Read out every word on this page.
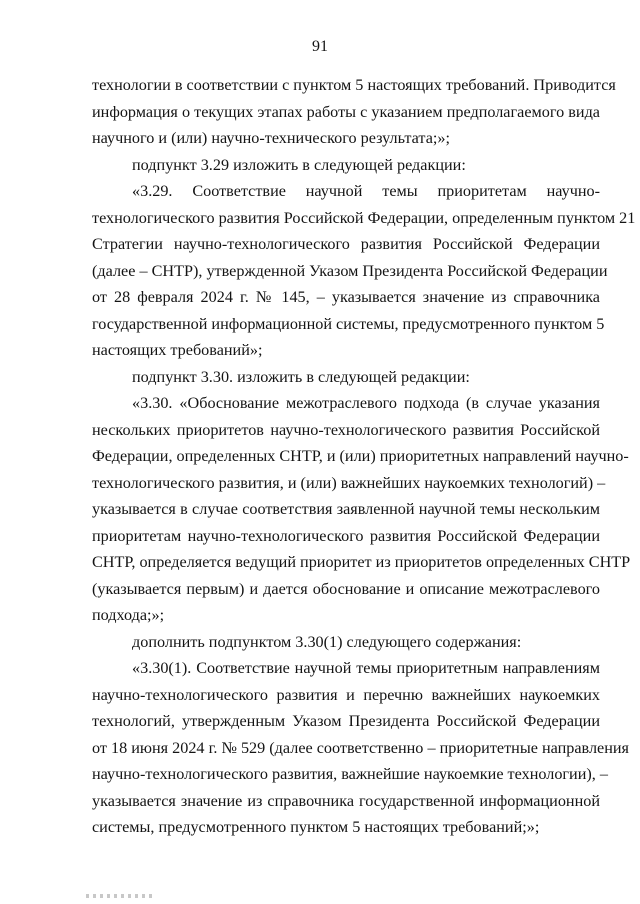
91
технологии в соответствии с пунктом 5 настоящих требований. Приводится
информация о текущих этапах работы с указанием предполагаемого вида
научного и (или) научно-технического результата;»;
подпункт 3.29 изложить в следующей редакции:
«3.29. Соответствие научной темы приоритетам научно-
технологического развития Российской Федерации, определенным пунктом 21
Стратегии научно-технологического развития Российской Федерации
(далее – СНТР), утвержденной Указом Президента Российской Федерации
от 28 февраля 2024 г. № 145, – указывается значение из справочника
государственной информационной системы, предусмотренного пунктом 5
настоящих требований»;
подпункт 3.30. изложить в следующей редакции:
«3.30. «Обоснование межотраслевого подхода (в случае указания
нескольких приоритетов научно-технологического развития Российской
Федерации, определенных СНТР, и (или) приоритетных направлений научно-
технологического развития, и (или) важнейших наукоемких технологий) –
указывается в случае соответствия заявленной научной темы нескольким
приоритетам научно-технологического развития Российской Федерации
СНТР, определяется ведущий приоритет из приоритетов определенных СНТР
(указывается первым) и дается обоснование и описание межотраслевого
подхода;»;
дополнить подпунктом 3.30(1) следующего содержания:
«3.30(1). Соответствие научной темы приоритетным направлениям
научно-технологического развития и перечню важнейших наукоемких
технологий, утвержденным Указом Президента Российской Федерации
от 18 июня 2024 г. № 529 (далее соответственно – приоритетные направления
научно-технологического развития, важнейшие наукоемкие технологии), –
указывается значение из справочника государственной информационной
системы, предусмотренного пунктом 5 настоящих требований;»;
